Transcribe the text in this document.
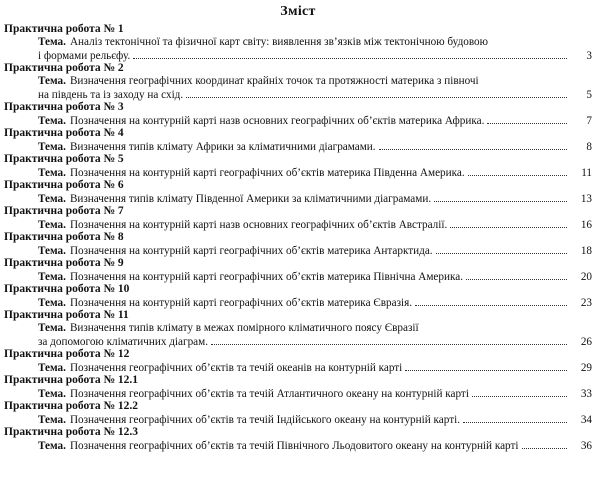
Зміст
Практична робота № 1
Тема. Аналіз тектонічної та фізичної карт світу: виявлення зв’язків між тектонічною будовою
і формами рельєфу.	3
Практична робота № 2
Тема. Визначення географічних координат крайніх точок та протяжності материка з півночі
на південь та із заходу на схід.	5
Практична робота № 3
Тема. Позначення на контурній карті назв основних географічних об’єктів материка Африка.	7
Практична робота № 4
Тема. Визначення типів клімату Африки за кліматичними діаграмами.	8
Практична робота № 5
Тема. Позначення на контурній карті географічних об’єктів материка Південна Америка.	11
Практична робота № 6
Тема. Визначення типів клімату Південної Америки за кліматичними діаграмами.	13
Практична робота № 7
Тема. Позначення на контурній карті назв основних географічних об’єктів Австралії.	16
Практична робота № 8
Тема. Позначення на контурній карті географічних об’єктів материка Антарктида.	18
Практична робота № 9
Тема. Позначення на контурній карті географічних об’єктів материка Північна Америка.	20
Практична робота № 10
Тема. Позначення на контурній карті географічних об’єктів материка Євразія.	23
Практична робота № 11
Тема. Визначення типів клімату в межах помірного кліматичного поясу Євразії
за допомогою кліматичних діаграм.	26
Практична робота № 12
Тема. Позначення географічних об’єктів та течій океанів на контурній карті	29
Практична робота № 12.1
Тема. Позначення географічних об’єктів та течій Атлантичного океану на контурній карті	33
Практична робота № 12.2
Тема. Позначення географічних об’єктів та течій Індійського океану на контурній карті.	34
Практична робота № 12.3
Тема. Позначення географічних об’єктів та течій Північного Льодовитого океану на контурній карті	36
